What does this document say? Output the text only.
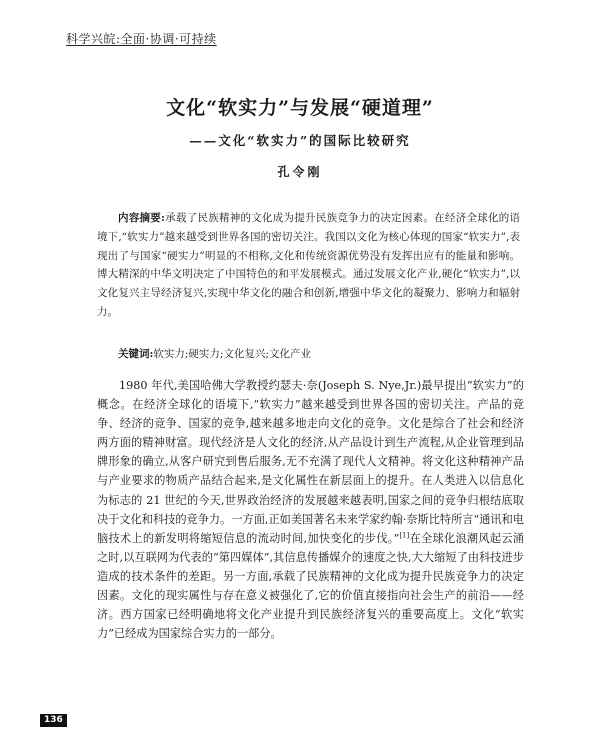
科学兴皖:全面·协调·可持续
文化“软实力”与发展“硬道理”
——文化“软实力”的国际比较研究
孔令刚

内容摘要:承载了民族精神的文化成为提升民族竞争力的决定因素。在经济全球化的语境下,“软实力”越来越受到世界各国的密切关注。我国以文化为核心体现的国家“软实力”,表现出了与国家“硬实力”明显的不相称,文化和传统资源优势没有发挥出应有的能量和影响。博大精深的中华文明决定了中国特色的和平发展模式。通过发展文化产业,硬化“软实力”,以文化复兴主导经济复兴,实现中华文化的融合和创新,增强中华文化的凝聚力、影响力和辐射力。

关键词:软实力;硬实力;文化复兴;文化产业

1980 年代,美国哈佛大学教授约瑟夫·奈(Joseph S. Nye,Jr.)最早提出“软实力”的概念。在经济全球化的语境下,“软实力”越来越受到世界各国的密切关注。产品的竞争、经济的竞争、国家的竞争,越来越多地走向文化的竞争。文化是综合了社会和经济两方面的精神财富。现代经济是人文化的经济,从产品设计到生产流程,从企业管理到品牌形象的确立,从客户研究到售后服务,无不充满了现代人文精神。将文化这种精神产品与产业要求的物质产品结合起来,是文化属性在新层面上的提升。在人类进入以信息化为标志的 21 世纪的今天,世界政治经济的发展越来越表明,国家之间的竞争归根结底取决于文化和科技的竞争力。一方面,正如美国著名未来学家约翰·奈斯比特所言“通讯和电脑技术上的新发明将缩短信息的流动时间,加快变化的步伐。”[1]在全球化浪潮风起云涌之时,以互联网为代表的“第四媒体”,其信息传播媒介的速度之快,大大缩短了由科技进步造成的技术条件的差距。另一方面,承载了民族精神的文化成为提升民族竞争力的决定因素。文化的现实属性与存在意义被强化了,它的价值直接指向社会生产的前沿——经济。西方国家已经明确地将文化产业提升到民族经济复兴的重要高度上。文化“软实力”已经成为国家综合实力的一部分。

136
